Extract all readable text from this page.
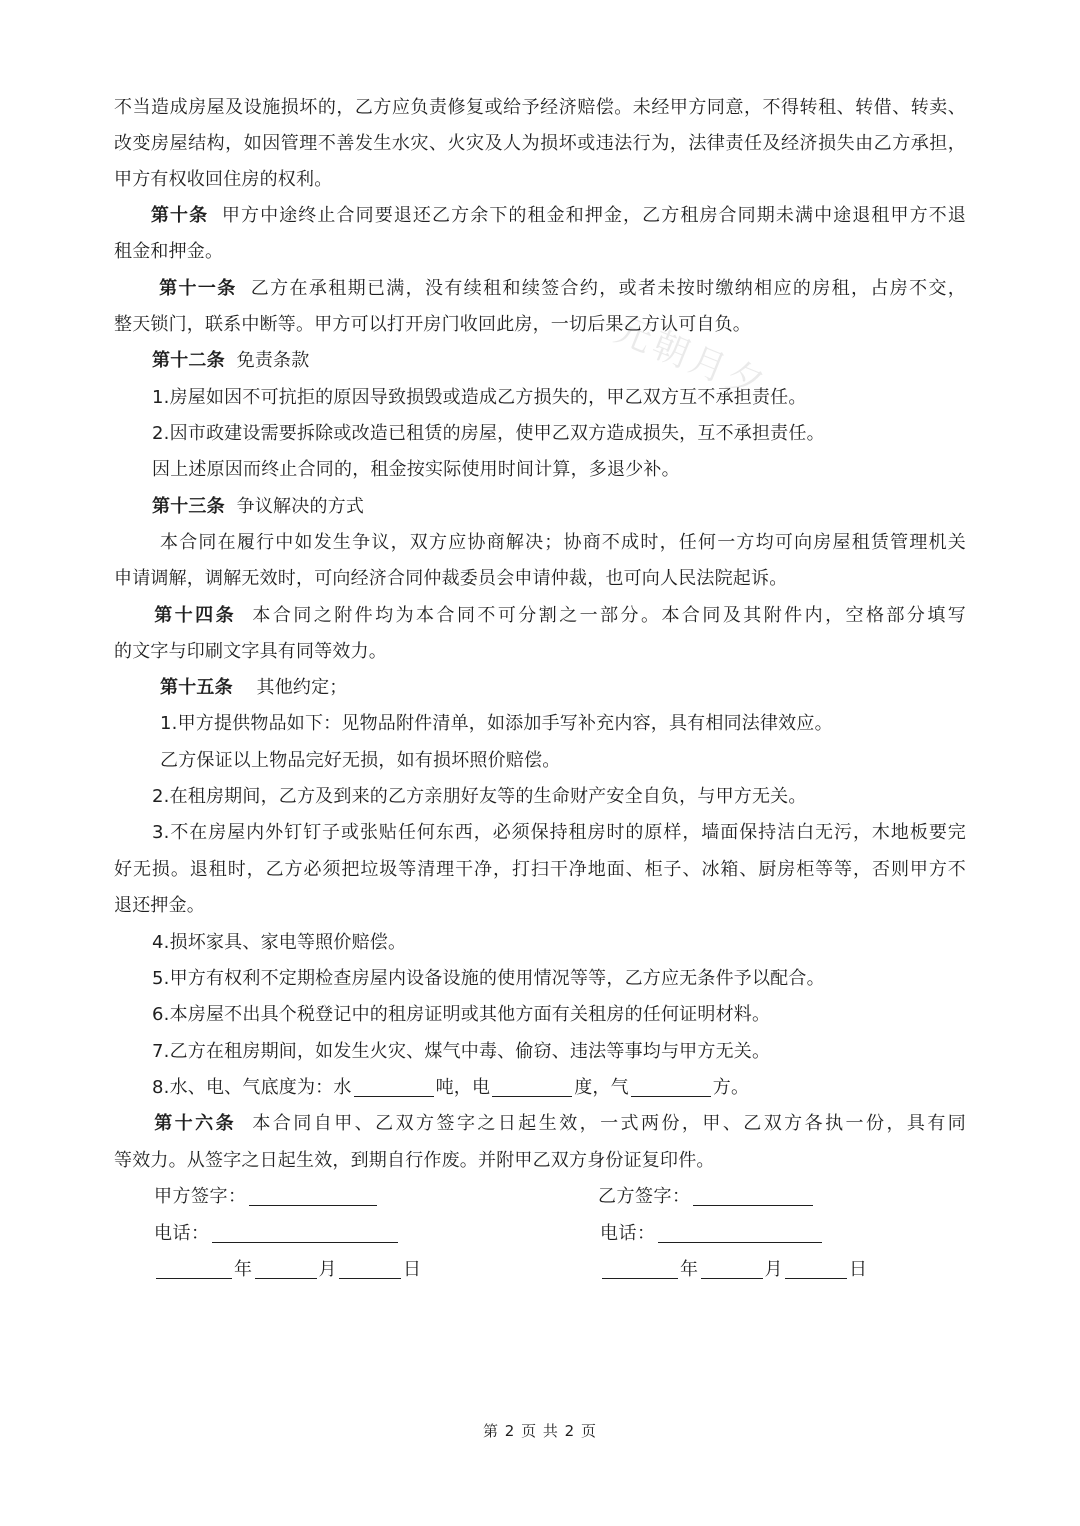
元朝月夕
不当造成房屋及设施损坏的，乙方应负责修复或给予经济赔偿。未经甲方同意，不得转租、转借、转卖、
改变房屋结构，如因管理不善发生水灾、火灾及人为损坏或违法行为，法律责任及经济损失由乙方承担，
甲方有权收回住房的权利。
第十条 甲方中途终止合同要退还乙方余下的租金和押金，乙方租房合同期未满中途退租甲方不退
租金和押金。
第十一条 乙方在承租期已满，没有续租和续签合约，或者未按时缴纳相应的房租，占房不交，
整天锁门，联系中断等。甲方可以打开房门收回此房，一切后果乙方认可自负。
第十二条 免责条款
1.房屋如因不可抗拒的原因导致损毁或造成乙方损失的，甲乙双方互不承担责任。
2.因市政建设需要拆除或改造已租赁的房屋，使甲乙双方造成损失，互不承担责任。
因上述原因而终止合同的，租金按实际使用时间计算，多退少补。
第十三条 争议解决的方式
本合同在履行中如发生争议，双方应协商解决；协商不成时，任何一方均可向房屋租赁管理机关
申请调解，调解无效时，可向经济合同仲裁委员会申请仲裁，也可向人民法院起诉。
第十四条 本合同之附件均为本合同不可分割之一部分。本合同及其附件内，空格部分填写
的文字与印刷文字具有同等效力。
第十五条 其他约定；
1.甲方提供物品如下：见物品附件清单，如添加手写补充内容，具有相同法律效应。
乙方保证以上物品完好无损，如有损坏照价赔偿。
2.在租房期间，乙方及到来的乙方亲朋好友等的生命财产安全自负，与甲方无关。
3.不在房屋内外钉钉子或张贴任何东西，必须保持租房时的原样，墙面保持洁白无污，木地板要完
好无损。退租时，乙方必须把垃圾等清理干净，打扫干净地面、柜子、冰箱、厨房柜等等，否则甲方不
退还押金。
4.损坏家具、家电等照价赔偿。
5.甲方有权利不定期检查房屋内设备设施的使用情况等等，乙方应无条件予以配合。
6.本房屋不出具个税登记中的租房证明或其他方面有关租房的任何证明材料。
7.乙方在租房期间，如发生火灾、煤气中毒、偷窃、违法等事均与甲方无关。
8.水、电、气底度为：水	吨，电	度，气	方。
第十六条 本合同自甲、乙双方签字之日起生效，一式两份，甲、乙双方各执一份，具有同
等效力。从签字之日起生效，到期自行作废。并附甲乙双方身份证复印件。
甲方签字：	乙方签字：
电话：	电话：
年	月	日	年	月	日
第 2 页 共 2 页
